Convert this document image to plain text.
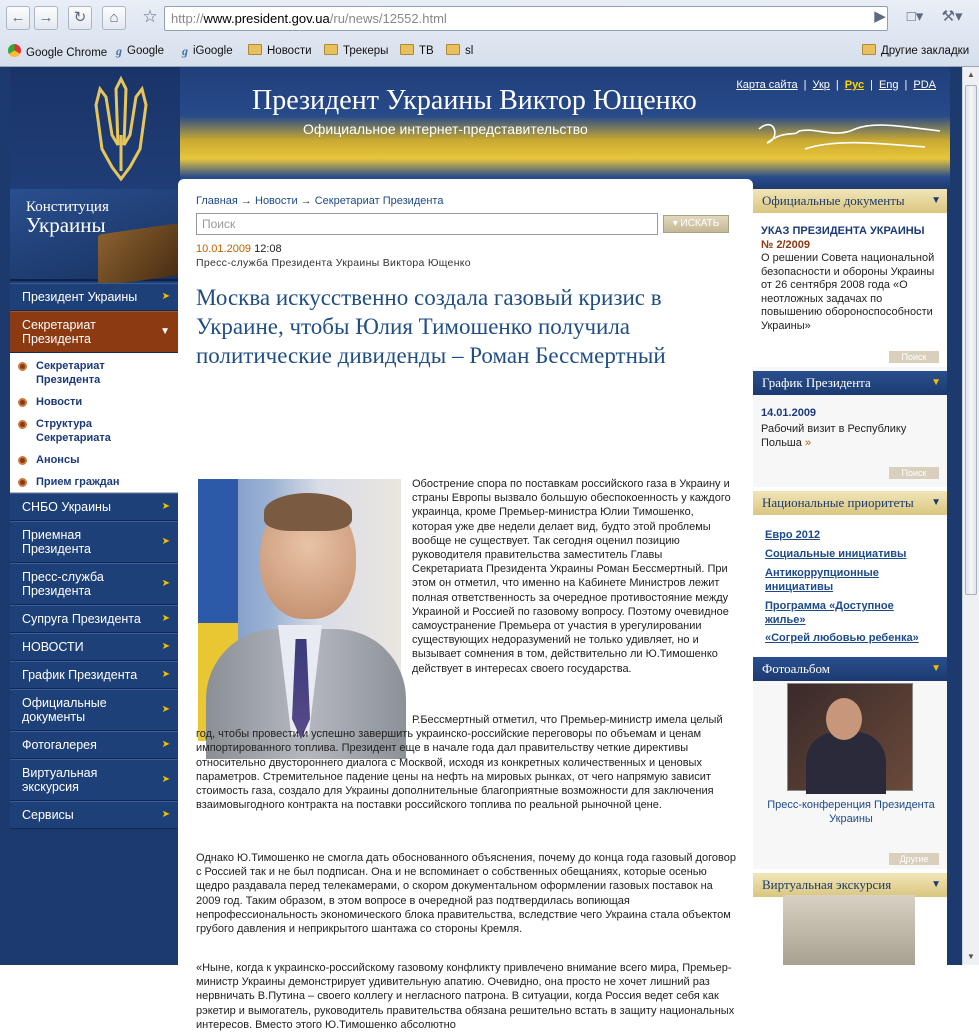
← →	↻	⌂	☆	http://www.president.gov.ua/ru/news/12552.html	▶	□▾	⚒▾
Google Chrome g Google g iGoogle	Новости	Трекеры	ТВ	sl	Другие закладки
Президент Украины Виктор Ющенко
Официальное интернет-представительство
Карта сайта | Укр | Рус | Eng | PDA
Конституция
Украины
Президент Украины ➤
Секретариат Президента
▼
Секретариат Президента
Новости
Структура Секретариата
Анонсы
Прием граждан
СНБО Украины	➤
Приемная Президента
➤
Пресс-служба Президента
➤
Супруга Президента ➤
НОВОСТИ	➤
График Президента ➤
Официальные документы
➤
Фотогалерея	➤
Виртуальная экскурсия
➤
Сервисы	➤
Главная → Новости → Секретариат Президента
Поиск	▾ ИСКАТЬ
10.01.2009 12:08
Пресс-служба Президента Украины Виктора Ющенко
Москва искусственно создала газовый кризис в Украине, чтобы Юлия Тимошенко получила политические дивиденды – Роман Бессмертный
Обострение спора по поставкам российского газа в Украину и страны Европы вызвало большую обеспокоенность у каждого украинца, кроме Премьер-министра Юлии Тимошенко, которая уже две недели делает вид, будто этой проблемы вообще не существует. Так сегодня оценил позицию руководителя правительства заместитель Главы Секретариата Президента Украины Роман Бессмертный. При этом он отметил, что именно на Кабинете Министров лежит полная ответственность за очередное противостояние между Украиной и Россией по газовому вопросу. Поэтому очевидное самоустранение Премьера от участия в урегулировании существующих недоразумений не только удивляет, но и вызывает сомнения в том, действительно ли Ю.Тимошенко действует в интересах своего государства.
Р.Бессмертный отметил, что Премьер-министр имела целый год, чтобы провести и успешно завершить украинско-российские переговоры по объемам и ценам импортированного топлива. Президент еще в начале года дал правительству четкие директивы относительно двустороннего диалога с Москвой, исходя из конкретных количественных и ценовых параметров. Стремительное падение цены на нефть на мировых рынках, от чего напрямую зависит стоимость газа, создало для Украины дополнительные благоприятные возможности для заключения взаимовыгодного контракта на поставки российского топлива по реальной рыночной цене.
Однако Ю.Тимошенко не смогла дать обоснованного объяснения, почему до конца года газовый договор с Россией так и не был подписан. Она и не вспоминает о собственных обещаниях, которые осенью щедро раздавала перед телекамерами, о скором документальном оформлении газовых поставок на 2009 год. Таким образом, в этом вопросе в очередной раз подтвердилась вопиющая непрофессиональность экономического блока правительства, вследствие чего Украина стала объектом грубого давления и неприкрытого шантажа со стороны Кремля.
«Ныне, когда к украинско-российскому газовому конфликту привлечено внимание всего мира, Премьер-министр Украины демонстрирует удивительную апатию. Очевидно, она просто не хочет лишний раз нервничать В.Путина – своего коллегу и негласного патрона. В ситуации, когда Россия ведет себя как рэкетир и вымогатель, руководитель правительства обязана решительно встать в защиту национальных интересов. Вместо этого Ю.Тимошенко абсолютно
Официальные документы	▼
УКАЗ ПРЕЗИДЕНТА УКРАИНЫ
№ 2/2009
О решении Совета национальной безопасности и обороны Украины от 26 сентября 2008 года «О неотложных задачах по повышению обороноспособности Украины»
Поиск
График Президента	▼
14.01.2009
Рабочий визит в Республику Польша »
Поиск
Национальные приоритеты ▼
Евро 2012
Социальные инициативы
Антикоррупционные инициативы
Программа «Доступное жилье»
«Согрей любовью ребенка»
Фотоальбом	▼
Пресс-конференция Президента Украины
Другие
Виртуальная экскурсия	▼
▲
▼
